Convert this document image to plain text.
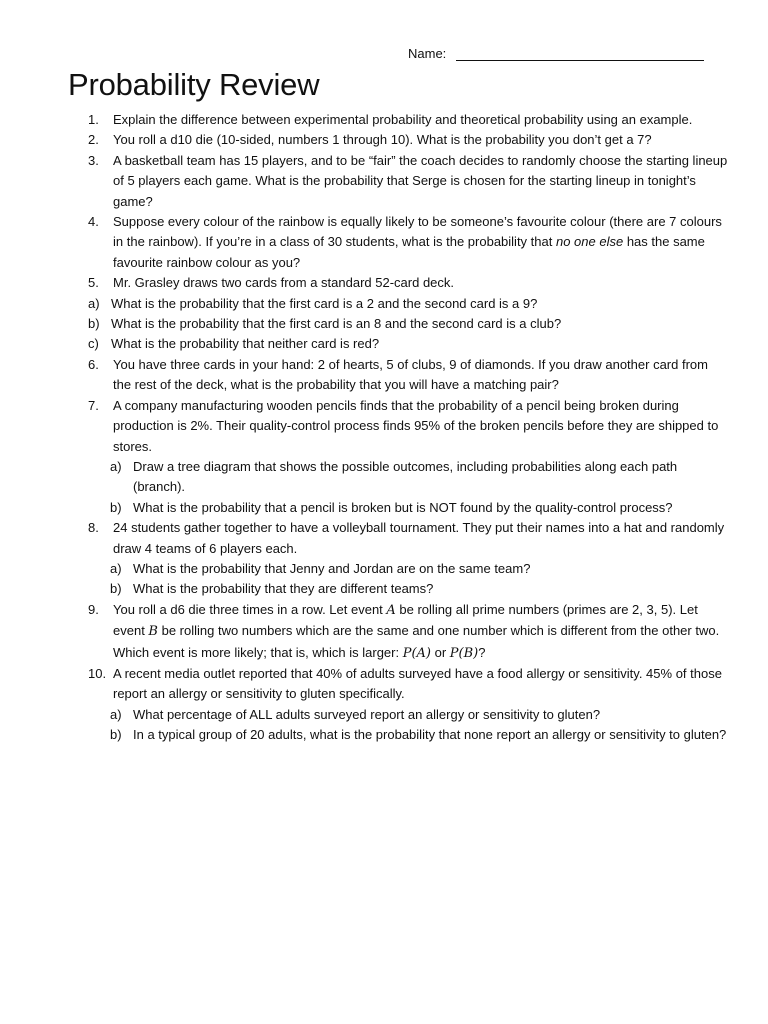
Name:
Probability Review
1.	Explain the difference between experimental probability and theoretical probability using an example.
2.	You roll a d10 die (10-sided, numbers 1 through 10). What is the probability you don’t get a 7?
3.	A basketball team has 15 players, and to be “fair” the coach decides to randomly choose the starting lineup of 5 players each game. What is the probability that Serge is chosen for the starting lineup in tonight’s game?
4.	Suppose every colour of the rainbow is equally likely to be someone’s favourite colour (there are 7 colours in the rainbow). If you’re in a class of 30 students, what is the probability that no one else has the same favourite rainbow colour as you?
5.	Mr. Grasley draws two cards from a standard 52-card deck.
a) What is the probability that the first card is a 2 and the second card is a 9?
b) What is the probability that the first card is an 8 and the second card is a club?
c) What is the probability that neither card is red?
6.	You have three cards in your hand: 2 of hearts, 5 of clubs, 9 of diamonds. If you draw another card from the rest of the deck, what is the probability that you will have a matching pair?
7.	A company manufacturing wooden pencils finds that the probability of a pencil being broken during production is 2%. Their quality-control process finds 95% of the broken pencils before they are shipped to stores.
a) Draw a tree diagram that shows the possible outcomes, including probabilities along each path (branch).
b) What is the probability that a pencil is broken but is NOT found by the quality-control process?
8.	24 students gather together to have a volleyball tournament. They put their names into a hat and randomly draw 4 teams of 6 players each.
a) What is the probability that Jenny and Jordan are on the same team?
b) What is the probability that they are different teams?
9.	You roll a d6 die three times in a row. Let event A be rolling all prime numbers (primes are 2, 3, 5). Let event B be rolling two numbers which are the same and one number which is different from the other two. Which event is more likely; that is, which is larger: P(A) or P(B)?
10. A recent media outlet reported that 40% of adults surveyed have a food allergy or sensitivity. 45% of those report an allergy or sensitivity to gluten specifically.
a) What percentage of ALL adults surveyed report an allergy or sensitivity to gluten?
b) In a typical group of 20 adults, what is the probability that none report an allergy or sensitivity to gluten?
